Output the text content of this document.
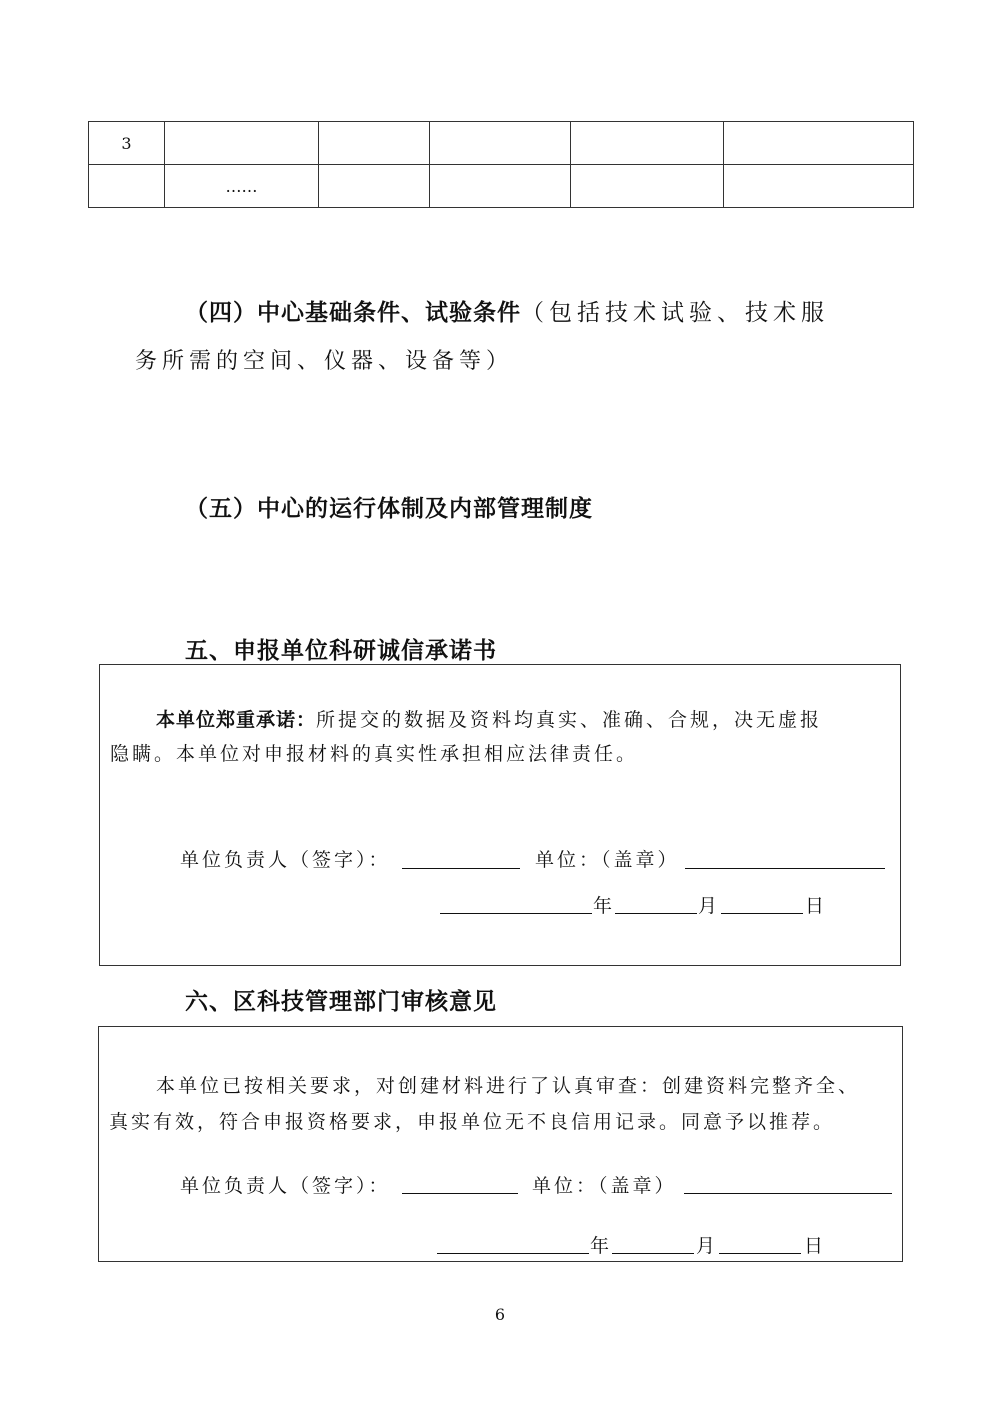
3					
	……				
（四）中心基础条件、试验条件（包括技术试验、技术服
务所需的空间、仪器、设备等）
（五）中心的运行体制及内部管理制度
五、申报单位科研诚信承诺书
本单位郑重承诺：所提交的数据及资料均真实、准确、合规，决无虚报
隐瞒。本单位对申报材料的真实性承担相应法律责任。
单位负责人（签字）：	单位：（盖章）
年	月	日
六、区科技管理部门审核意见
本单位已按相关要求，对创建材料进行了认真审查：创建资料完整齐全、
真实有效，符合申报资格要求，申报单位无不良信用记录。同意予以推荐。
单位负责人（签字）：	单位：（盖章）
年	月	日
6
